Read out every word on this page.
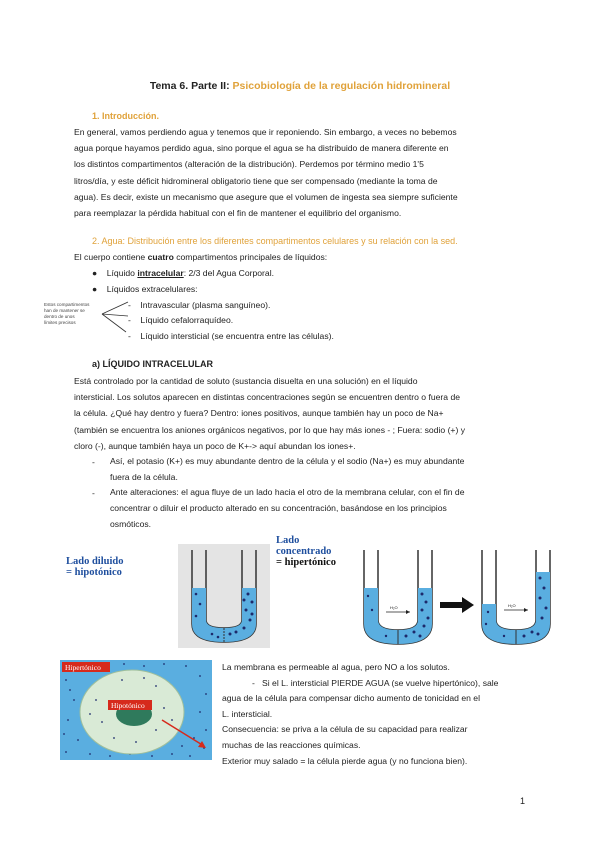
Tema 6. Parte II: Psicobiología de la regulación hidromineral
1. Introducción.
En general, vamos perdiendo agua y tenemos que ir reponiendo. Sin embargo, a veces no bebemos
agua porque hayamos perdido agua, sino porque el agua se ha distribuido de manera diferente en
los distintos compartimentos (alteración de la distribución). Perdemos por término medio 1'5
litros/día, y este déficit hidromineral obligatorio tiene que ser compensado (mediante la toma de
agua). Es decir, existe un mecanismo que asegure que el volumen de ingesta sea siempre suficiente
para reemplazar la pérdida habitual con el fin de mantener el equilibrio del organismo.
2. Agua: Distribución entre los diferentes compartimentos celulares y su relación con la sed.
El cuerpo contiene cuatro compartimentos principales de líquidos:
● Líquido intracelular: 2/3 del Agua Corporal.
● Líquidos extracelulares:
-    Intravascular (plasma sanguíneo).
-    Líquido cefalorraquídeo.
-    Líquido intersticial (se encuentra entre las células).
Estos compartimentos
han de mantener se
dentro de unos
límites precisos
a) LÍQUIDO INTRACELULAR
Está controlado por la cantidad de soluto (sustancia disuelta en una solución) en el líquido
intersticial. Los solutos aparecen en distintas concentraciones según se encuentren dentro o fuera de
la célula. ¿Qué hay dentro y fuera? Dentro: iones positivos, aunque también hay un poco de Na+
(también se encuentra los aniones orgánicos negativos, por lo que hay más iones - ; Fuera: sodio (+) y
cloro (-), aunque también haya un poco de K+-> aquí abundan los iones+.
- Así, el potasio (K+) es muy abundante dentro de la célula y el sodio (Na+) es muy abundante
fuera de la célula.
- Ante alteraciones: el agua fluye de un lado hacia el otro de la membrana celular, con el fin de
concentrar o diluir el producto alterado en su concentración, basándose en los principios
osmóticos.
Lado diluido
= hipotónico
Lado
concentrado
= hipertónico
H₂O	H₂O
Hipertónico
Hipotónico
La membrana es permeable al agua, pero NO a los solutos.
-   Si el L. intersticial PIERDE AGUA (se vuelve hipertónico), sale
agua de la célula para compensar dicho aumento de tonicidad en el
L. intersticial.
Consecuencia: se priva a la célula de su capacidad para realizar
muchas de las reacciones químicas.
Exterior muy salado = la célula pierde agua (y no funciona bien).
1
